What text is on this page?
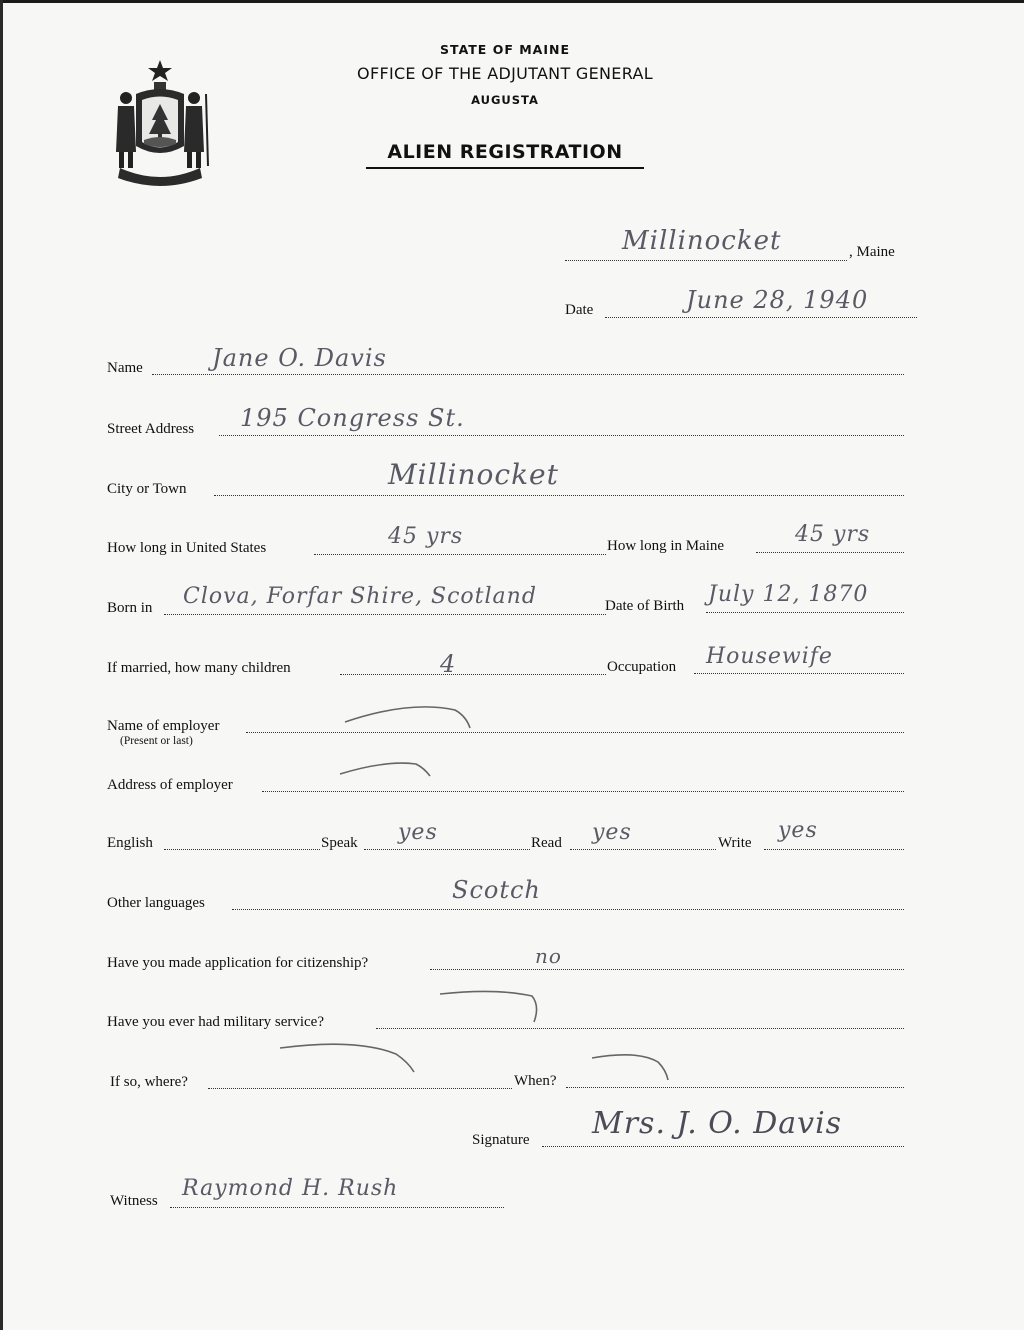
STATE OF MAINE
OFFICE OF THE ADJUTANT GENERAL
AUGUSTA
ALIEN REGISTRATION
Millinocket	, Maine
Date	June 28, 1940
Name	Jane O. Davis
Street Address 195 Congress St.
City or Town	Millinocket
How long in United States	45 yrs	How long in Maine	45 yrs
Born in Clova, Forfar Shire, Scotland	Date of Birth July 12, 1870
If married, how many children	4	Occupation Housewife
Name of employer
(Present or last)
Address of employer
English	Speak yes	Read yes	Write yes
Other languages	Scotch
Have you made application for citizenship?	no
Have you ever had military service?
If so, where?	When?
Signature Mrs. J. O. Davis
Witness Raymond H. Rush
